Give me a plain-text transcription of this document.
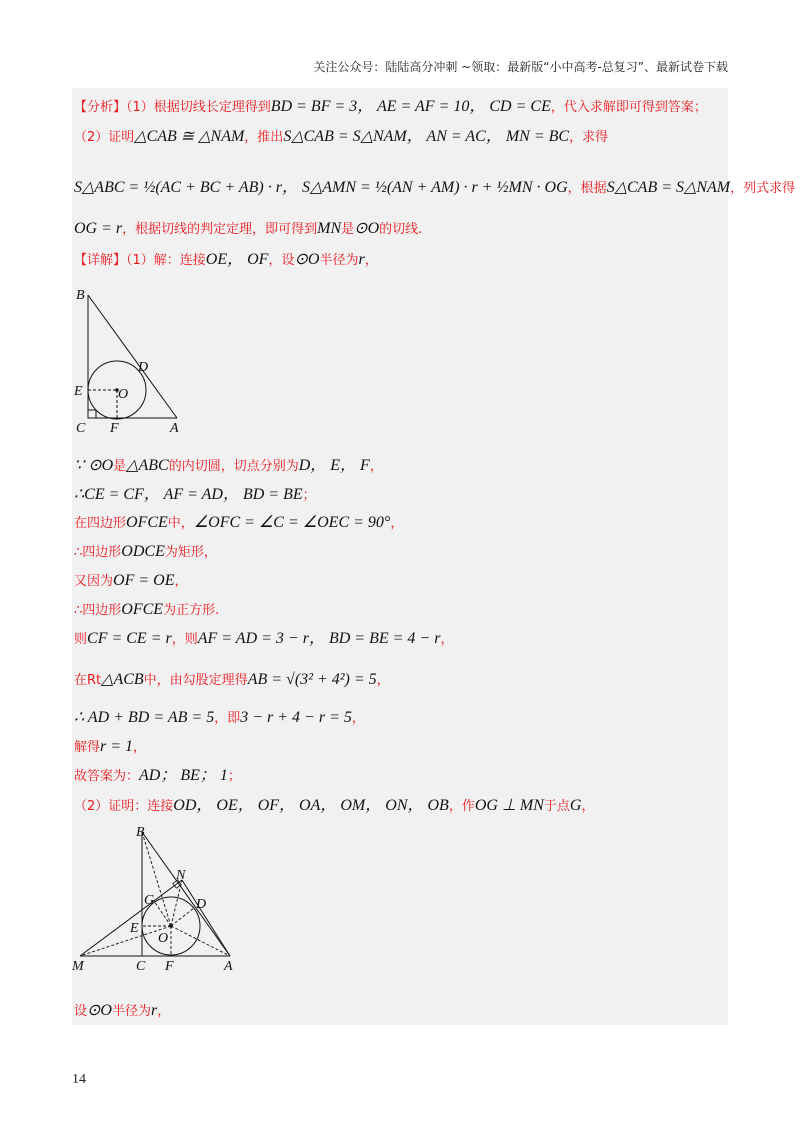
关注公众号：陆陆高分冲刺 ~领取：最新版“小中高考-总复习”、最新试卷下载
【分析】（1）根据切线长定理得到BD = BF = 3， AE = AF = 10， CD = CE，代入求解即可得到答案；
（2）证明△CAB ≅ △NAM，推出S△CAB = S△NAM， AN = AC， MN = BC，求得
S△ABC = ½(AC + BC + AB) · r， S△AMN = ½(AN + AM) · r + ½MN · OG，根据S△CAB = S△NAM，列式求得
OG = r，根据切线的判定定理，即可得到MN是⊙O的切线.
【详解】（1）解：连接OE， OF，设⊙O半径为r，
B
D
E	O
C F	A
∵ ⊙O是△ABC的内切圆，切点分别为D， E， F，
∴CE = CF， AF = AD， BD = BE；
在四边形OFCE中，∠OFC = ∠C = ∠OEC = 90°，
∴四边形ODCE为矩形，
又因为OF = OE，
∴四边形OFCE为正方形.
则CF = CE = r，则AF = AD = 3 − r， BD = BE = 4 − r，
在Rt△ACB中，由勾股定理得AB = √(3² + 4²) = 5，
∴ AD + BD = AB = 5，即3 − r + 4 − r = 5，
解得r = 1，
故答案为：AD； BE； 1；
（2）证明：连接OD， OE， OF， OA， OM， ON， OB，作OG ⊥ MN于点G，
B
N
G	D
E
O
M	C F	A
设⊙O半径为r，
14
